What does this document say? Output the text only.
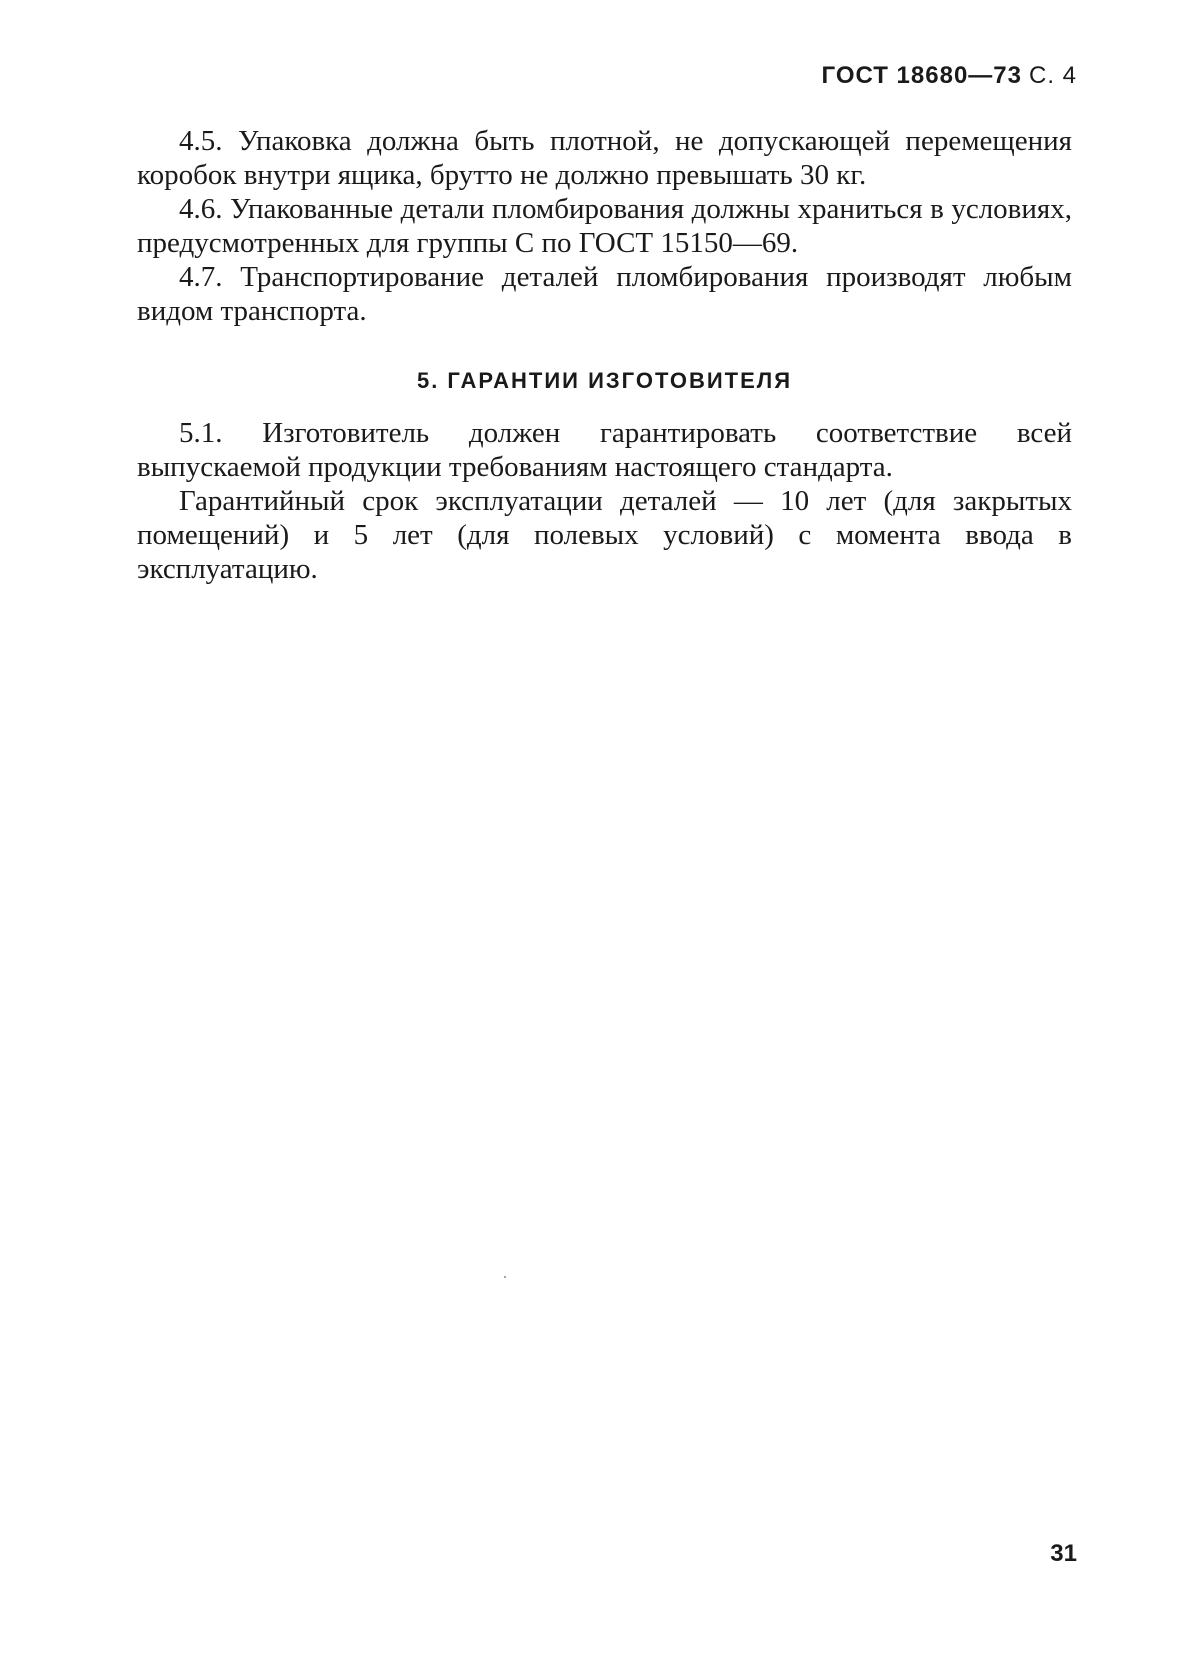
ГОСТ 18680—73 С. 4

4.5. Упаковка должна быть плотной, не допускающей перемещения коробок внутри ящика, брутто не должно превышать 30 кг.

4.6. Упакованные детали пломбирования должны храниться в условиях, предусмотренных для группы С по ГОСТ 15150—69.

4.7. Транспортирование деталей пломбирования производят любым видом транспорта.

5. ГАРАНТИИ ИЗГОТОВИТЕЛЯ

5.1. Изготовитель должен гарантировать соответствие всей выпускаемой продукции требованиям настоящего стандарта.

Гарантийный срок эксплуатации деталей — 10 лет (для закрытых помещений) и 5 лет (для полевых условий) с момента ввода в эксплуатацию.

31
